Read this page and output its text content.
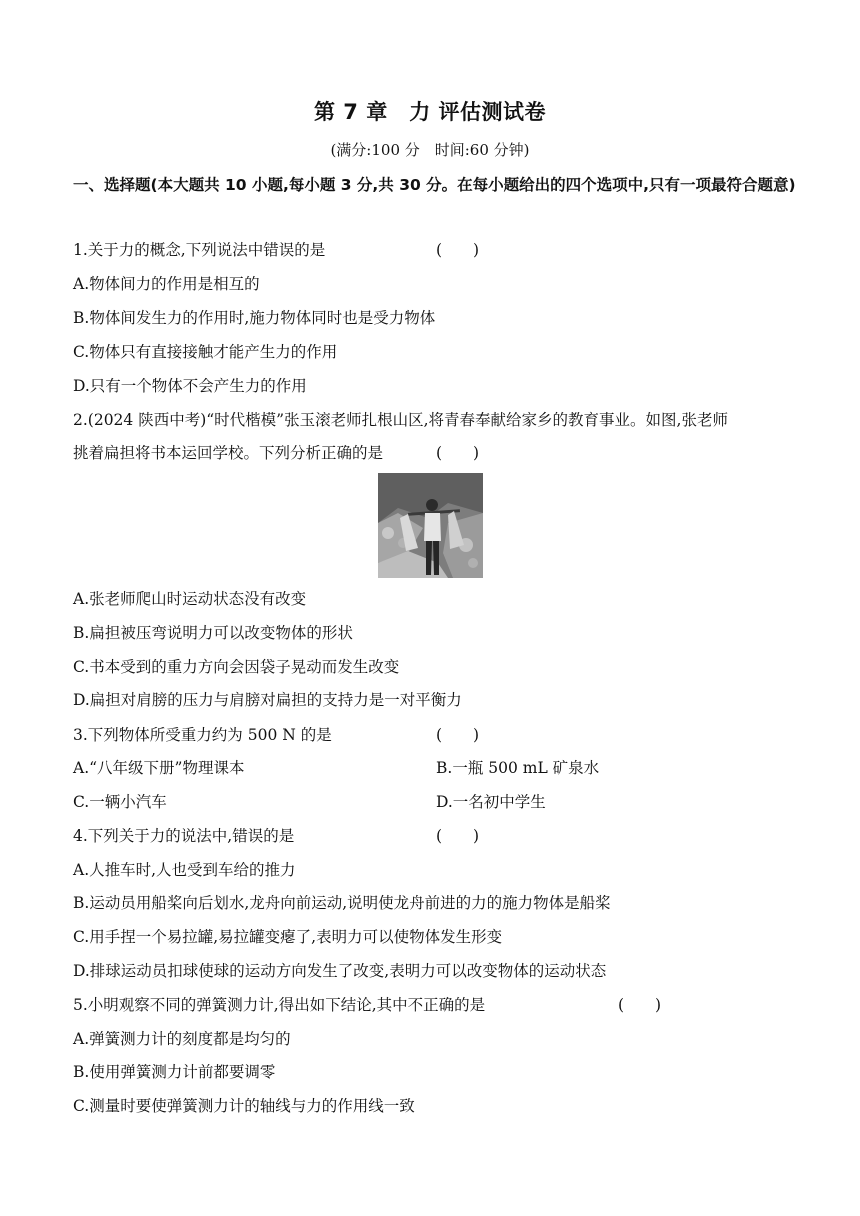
第 7 章　力 评估测试卷
(满分:100 分　时间:60 分钟)
一、选择题(本大题共 10 小题,每小题 3 分,共 30 分。在每小题给出的四个选项中,只有一项最符合题意)
1.关于力的概念,下列说法中错误的是	(　　)
A.物体间力的作用是相互的
B.物体间发生力的作用时,施力物体同时也是受力物体
C.物体只有直接接触才能产生力的作用
D.只有一个物体不会产生力的作用
2.(2024 陕西中考)“时代楷模”张玉滚老师扎根山区,将青春奉献给家乡的教育事业。如图,张老师
挑着扁担将书本运回学校。下列分析正确的是	(　　)
A.张老师爬山时运动状态没有改变
B.扁担被压弯说明力可以改变物体的形状
C.书本受到的重力方向会因袋子晃动而发生改变
D.扁担对肩膀的压力与肩膀对扁担的支持力是一对平衡力
3.下列物体所受重力约为 500 N 的是	(　　)
A.“八年级下册”物理课本	B.一瓶 500 mL 矿泉水
C.一辆小汽车	D.一名初中学生
4.下列关于力的说法中,错误的是	(　　)
A.人推车时,人也受到车给的推力
B.运动员用船桨向后划水,龙舟向前运动,说明使龙舟前进的力的施力物体是船桨
C.用手捏一个易拉罐,易拉罐变瘪了,表明力可以使物体发生形变
D.排球运动员扣球使球的运动方向发生了改变,表明力可以改变物体的运动状态
5.小明观察不同的弹簧测力计,得出如下结论,其中不正确的是	(　　)
A.弹簧测力计的刻度都是均匀的
B.使用弹簧测力计前都要调零
C.测量时要使弹簧测力计的轴线与力的作用线一致
